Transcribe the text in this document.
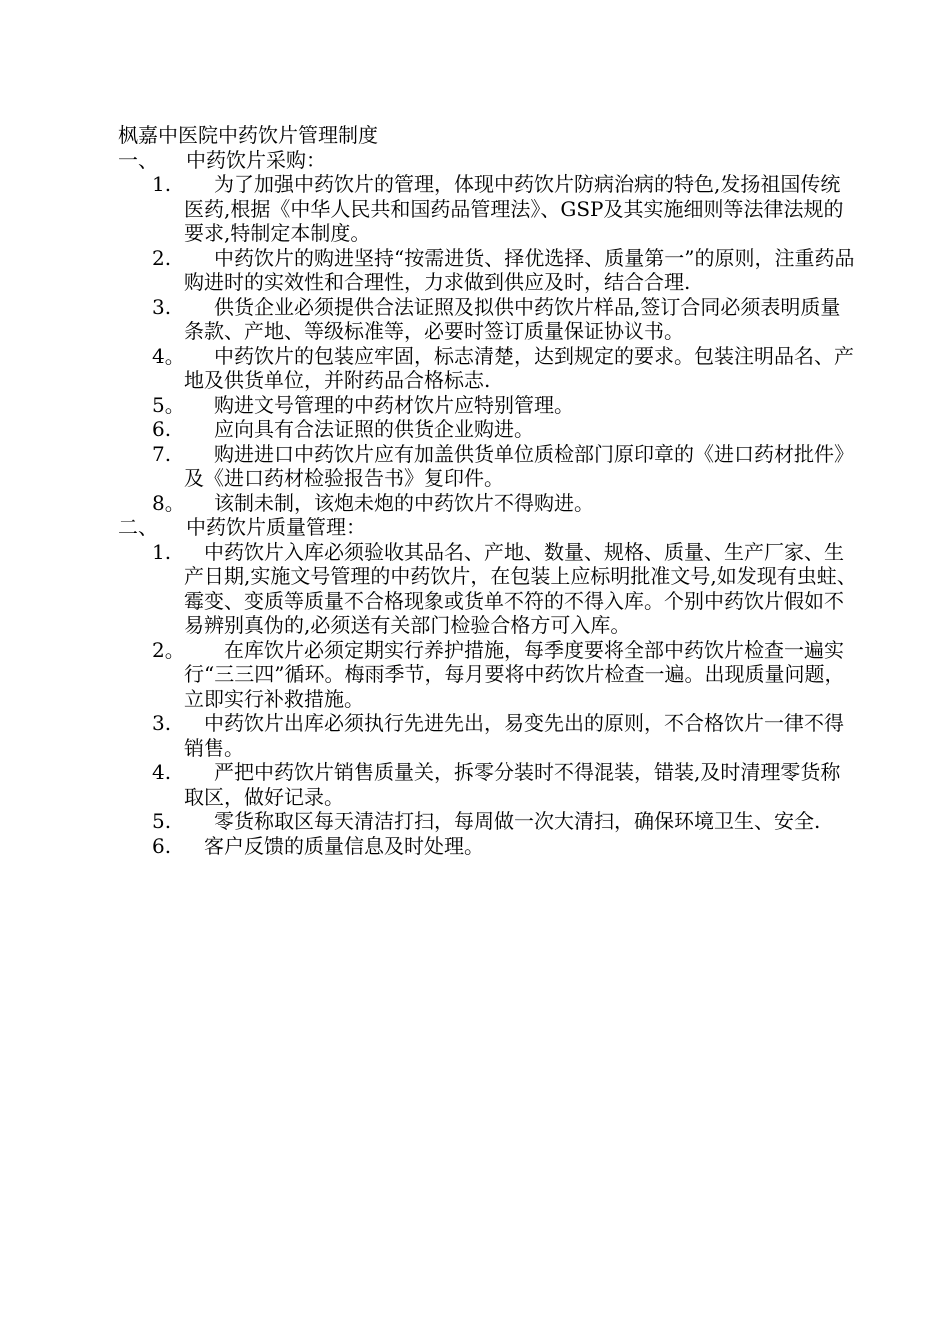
枫嘉中医院中药饮片管理制度

一、	中药饮片采购：

1.	为了加强中药饮片的管理，体现中药饮片防病治病的特色,发扬祖国传统医药,根据《中华人民共和国药品管理法》、GSP及其实施细则等法律法规的要求,特制定本制度。
2.	中药饮片的购进坚持“按需进货、择优选择、质量第一”的原则，注重药品购进时的实效性和合理性，力求做到供应及时，结合合理.
3.	供货企业必须提供合法证照及拟供中药饮片样品,签订合同必须表明质量条款、产地、等级标准等，必要时签订质量保证协议书。
4。	中药饮片的包装应牢固，标志清楚，达到规定的要求。包装注明品名、产地及供货单位，并附药品合格标志.
5。	购进文号管理的中药材饮片应特别管理。
6.	应向具有合法证照的供货企业购进。
7.	购进进口中药饮片应有加盖供货单位质检部门原印章的《进口药材批件》及《进口药材检验报告书》复印件。
8。	该制未制，该炮未炮的中药饮片不得购进。

二、	中药饮片质量管理：

1.	中药饮片入库必须验收其品名、产地、数量、规格、质量、生产厂家、生产日期,实施文号管理的中药饮片，在包装上应标明批准文号,如发现有虫蛀、霉变、变质等质量不合格现象或货单不符的不得入库。个别中药饮片假如不易辨别真伪的,必须送有关部门检验合格方可入库。
2。	在库饮片必须定期实行养护措施，每季度要将全部中药饮片检查一遍实行“三三四”循环。梅雨季节，每月要将中药饮片检查一遍。出现质量问题，立即实行补救措施。
3.	中药饮片出库必须执行先进先出，易变先出的原则，不合格饮片一律不得销售。
4.	严把中药饮片销售质量关，拆零分装时不得混装，错装,及时清理零货称取区，做好记录。
5.	零货称取区每天清洁打扫，每周做一次大清扫，确保环境卫生、安全.
6.	客户反馈的质量信息及时处理。
